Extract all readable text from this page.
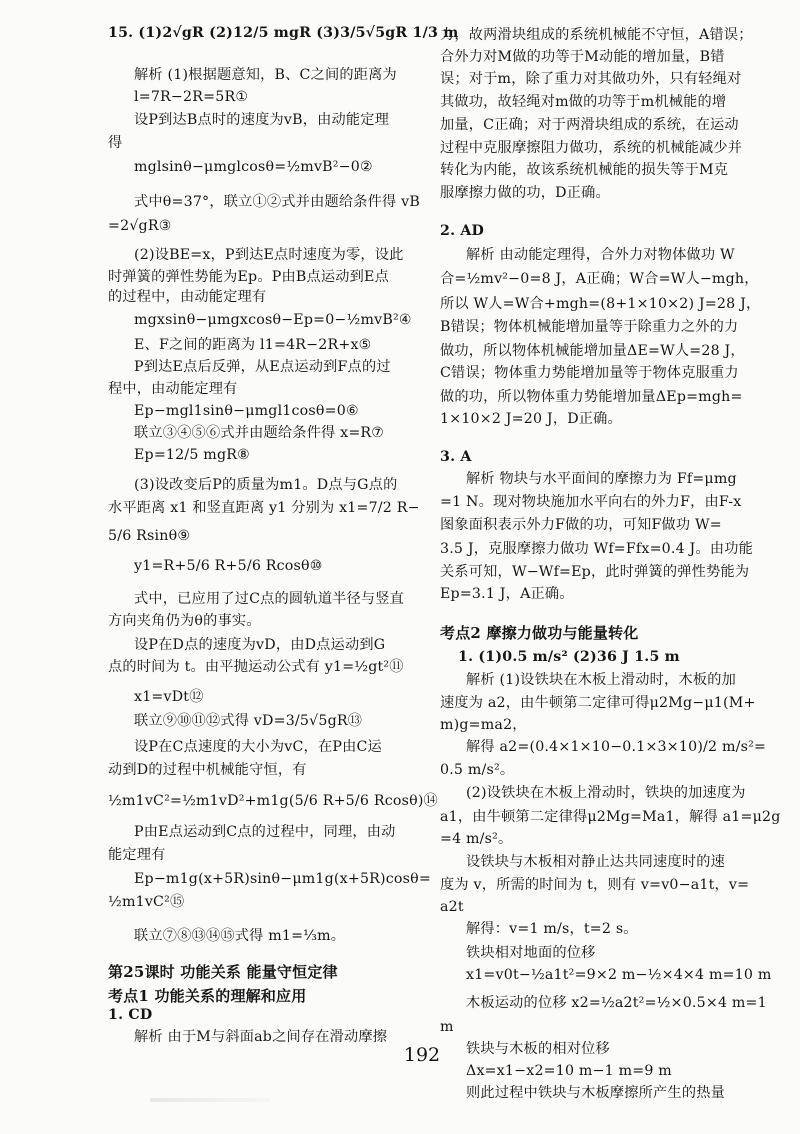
15. (1)2√gR (2)12/5 mgR (3)3/5√5gR 1/3 m
解析 (1)根据题意知，B、C之间的距离为
l=7R−2R=5R①
设P到达B点时的速度为vB，由动能定理
得
mglsinθ−μmglcosθ=½mvB²−0②
式中θ=37°，联立①②式并由题给条件得 vB
=2√gR③
(2)设BE=x，P到达E点时速度为零，设此
时弹簧的弹性势能为Ep。P由B点运动到E点
的过程中，由动能定理有
mgxsinθ−μmgxcosθ−Ep=0−½mvB²④
E、F之间的距离为 l1=4R−2R+x⑤
P到达E点后反弹，从E点运动到F点的过
程中，由动能定理有
Ep−mgl1sinθ−μmgl1cosθ=0⑥
联立③④⑤⑥式并由题给条件得 x=R⑦
Ep=12/5 mgR⑧
(3)设改变后P的质量为m1。D点与G点的
水平距离 x1 和竖直距离 y1 分别为 x1=7/2 R−
5/6 Rsinθ⑨
y1=R+5/6 R+5/6 Rcosθ⑩
式中，已应用了过C点的圆轨道半径与竖直
方向夹角仍为θ的事实。
设P在D点的速度为vD，由D点运动到G
点的时间为 t。由平抛运动公式有 y1=½gt²⑪
x1=vDt⑫
联立⑨⑩⑪⑫式得 vD=3/5√5gR⑬
设P在C点速度的大小为vC，在P由C运
动到D的过程中机械能守恒，有
½m1vC²=½m1vD²+m1g(5/6 R+5/6 Rcosθ)⑭
P由E点运动到C点的过程中，同理，由动
能定理有
Ep−m1g(x+5R)sinθ−μm1g(x+5R)cosθ=
½m1vC²⑮
联立⑦⑧⑬⑭⑮式得 m1=⅓m。
第25课时 功能关系 能量守恒定律
考点1 功能关系的理解和应用
1. CD
解析 由于M与斜面ab之间存在滑动摩擦
力，故两滑块组成的系统机械能不守恒，A错误；
合外力对M做的功等于M动能的增加量，B错
误；对于m，除了重力对其做功外，只有轻绳对
其做功，故轻绳对m做的功等于m机械能的增
加量，C正确；对于两滑块组成的系统，在运动
过程中克服摩擦阻力做功，系统的机械能减少并
转化为内能，故该系统机械能的损失等于M克
服摩擦力做的功，D正确。
2. AD
解析 由动能定理得，合外力对物体做功 W
合=½mv²−0=8 J，A正确；W合=W人−mgh，
所以 W人=W合+mgh=(8+1×10×2) J=28 J，
B错误；物体机械能增加量等于除重力之外的力
做功，所以物体机械能增加量ΔE=W人=28 J，
C错误；物体重力势能增加量等于物体克服重力
做的功，所以物体重力势能增加量ΔEp=mgh=
1×10×2 J=20 J，D正确。
3. A
解析 物块与水平面间的摩擦力为 Ff=μmg
=1 N。现对物块施加水平向右的外力F，由F-x
图象面积表示外力F做的功，可知F做功 W=
3.5 J，克服摩擦力做功 Wf=Ffx=0.4 J。由功能
关系可知，W−Wf=Ep，此时弹簧的弹性势能为
Ep=3.1 J，A正确。
考点2 摩擦力做功与能量转化
1. (1)0.5 m/s² (2)36 J 1.5 m
解析 (1)设铁块在木板上滑动时，木板的加
速度为 a2，由牛顿第二定律可得μ2Mg−μ1(M+
m)g=ma2，
解得 a2=(0.4×1×10−0.1×3×10)/2 m/s²=
0.5 m/s²。
(2)设铁块在木板上滑动时，铁块的加速度为
a1，由牛顿第二定律得μ2Mg=Ma1，解得 a1=μ2g
=4 m/s²。
设铁块与木板相对静止达共同速度时的速
度为 v，所需的时间为 t，则有 v=v0−a1t，v=
a2t
解得：v=1 m/s，t=2 s。
铁块相对地面的位移
x1=v0t−½a1t²=9×2 m−½×4×4 m=10 m
木板运动的位移 x2=½a2t²=½×0.5×4 m=1
m
铁块与木板的相对位移
Δx=x1−x2=10 m−1 m=9 m
则此过程中铁块与木板摩擦所产生的热量
192
